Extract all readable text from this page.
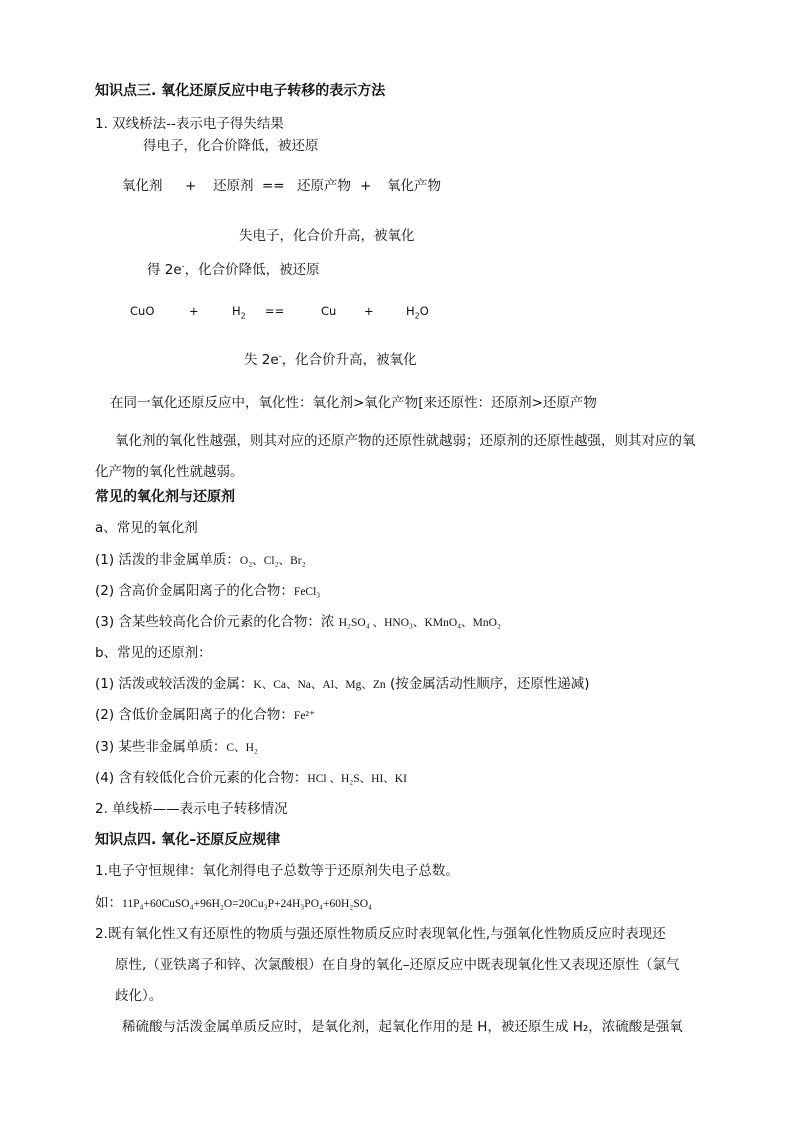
知识点三. 氧化还原反应中电子转移的表示方法
1. 双线桥法--表示电子得失结果
得电子，化合价降低，被还原
氧化剂 + 还原剂 == 还原产物 + 氧化产物
失电子，化合价升高，被氧化
得 2e-，化合价降低，被还原
CuO	+	$H_2$ ==	Cu +	$H_2O$
失 2e-，化合价升高，被氧化
在同一氧化还原反应中，氧化性：氧化剂>氧化产物[来还原性：还原剂>还原产物
氧化剂的氧化性越强，则其对应的还原产物的还原性就越弱；还原剂的还原性越强，则其对应的氧化产物的氧化性就越弱。
常见的氧化剂与还原剂
a、常见的氧化剂
(1) 活泼的非金属单质：O₂、Cl₂、Br₂
(2) 含高价金属阳离子的化合物：FeCl₃
(3) 含某些较高化合价元素的化合物：浓 H₂SO₄ 、HNO₃、KMnO₄、MnO₂
b、常见的还原剂：
(1) 活泼或较活泼的金属：K、Ca、Na、Al、Mg、Zn (按金属活动性顺序，还原性递减)
(2) 含低价金属阳离子的化合物：Fe²⁺
(3) 某些非金属单质：C、H₂
(4) 含有较低化合价元素的化合物：HCl 、H₂S、HI、KI
2. 单线桥——表示电子转移情况
知识点四. 氧化–还原反应规律
1.电子守恒规律：氧化剂得电子总数等于还原剂失电子总数。
如：11P₄+60CuSO₄+96H₂O=20Cu₃P+24H₃PO₄+60H₂SO₄
2.既有氧化性又有还原性的物质与强还原性物质反应时表现氧化性,与强氧化性物质反应时表现还
原性,（亚铁离子和锌、次氯酸根）在自身的氧化–还原反应中既表现氧化性又表现还原性（氯气
歧化）。
稀硫酸与活泼金属单质反应时，是氧化剂，起氧化作用的是 H，被还原生成 H₂，浓硫酸是强氧
